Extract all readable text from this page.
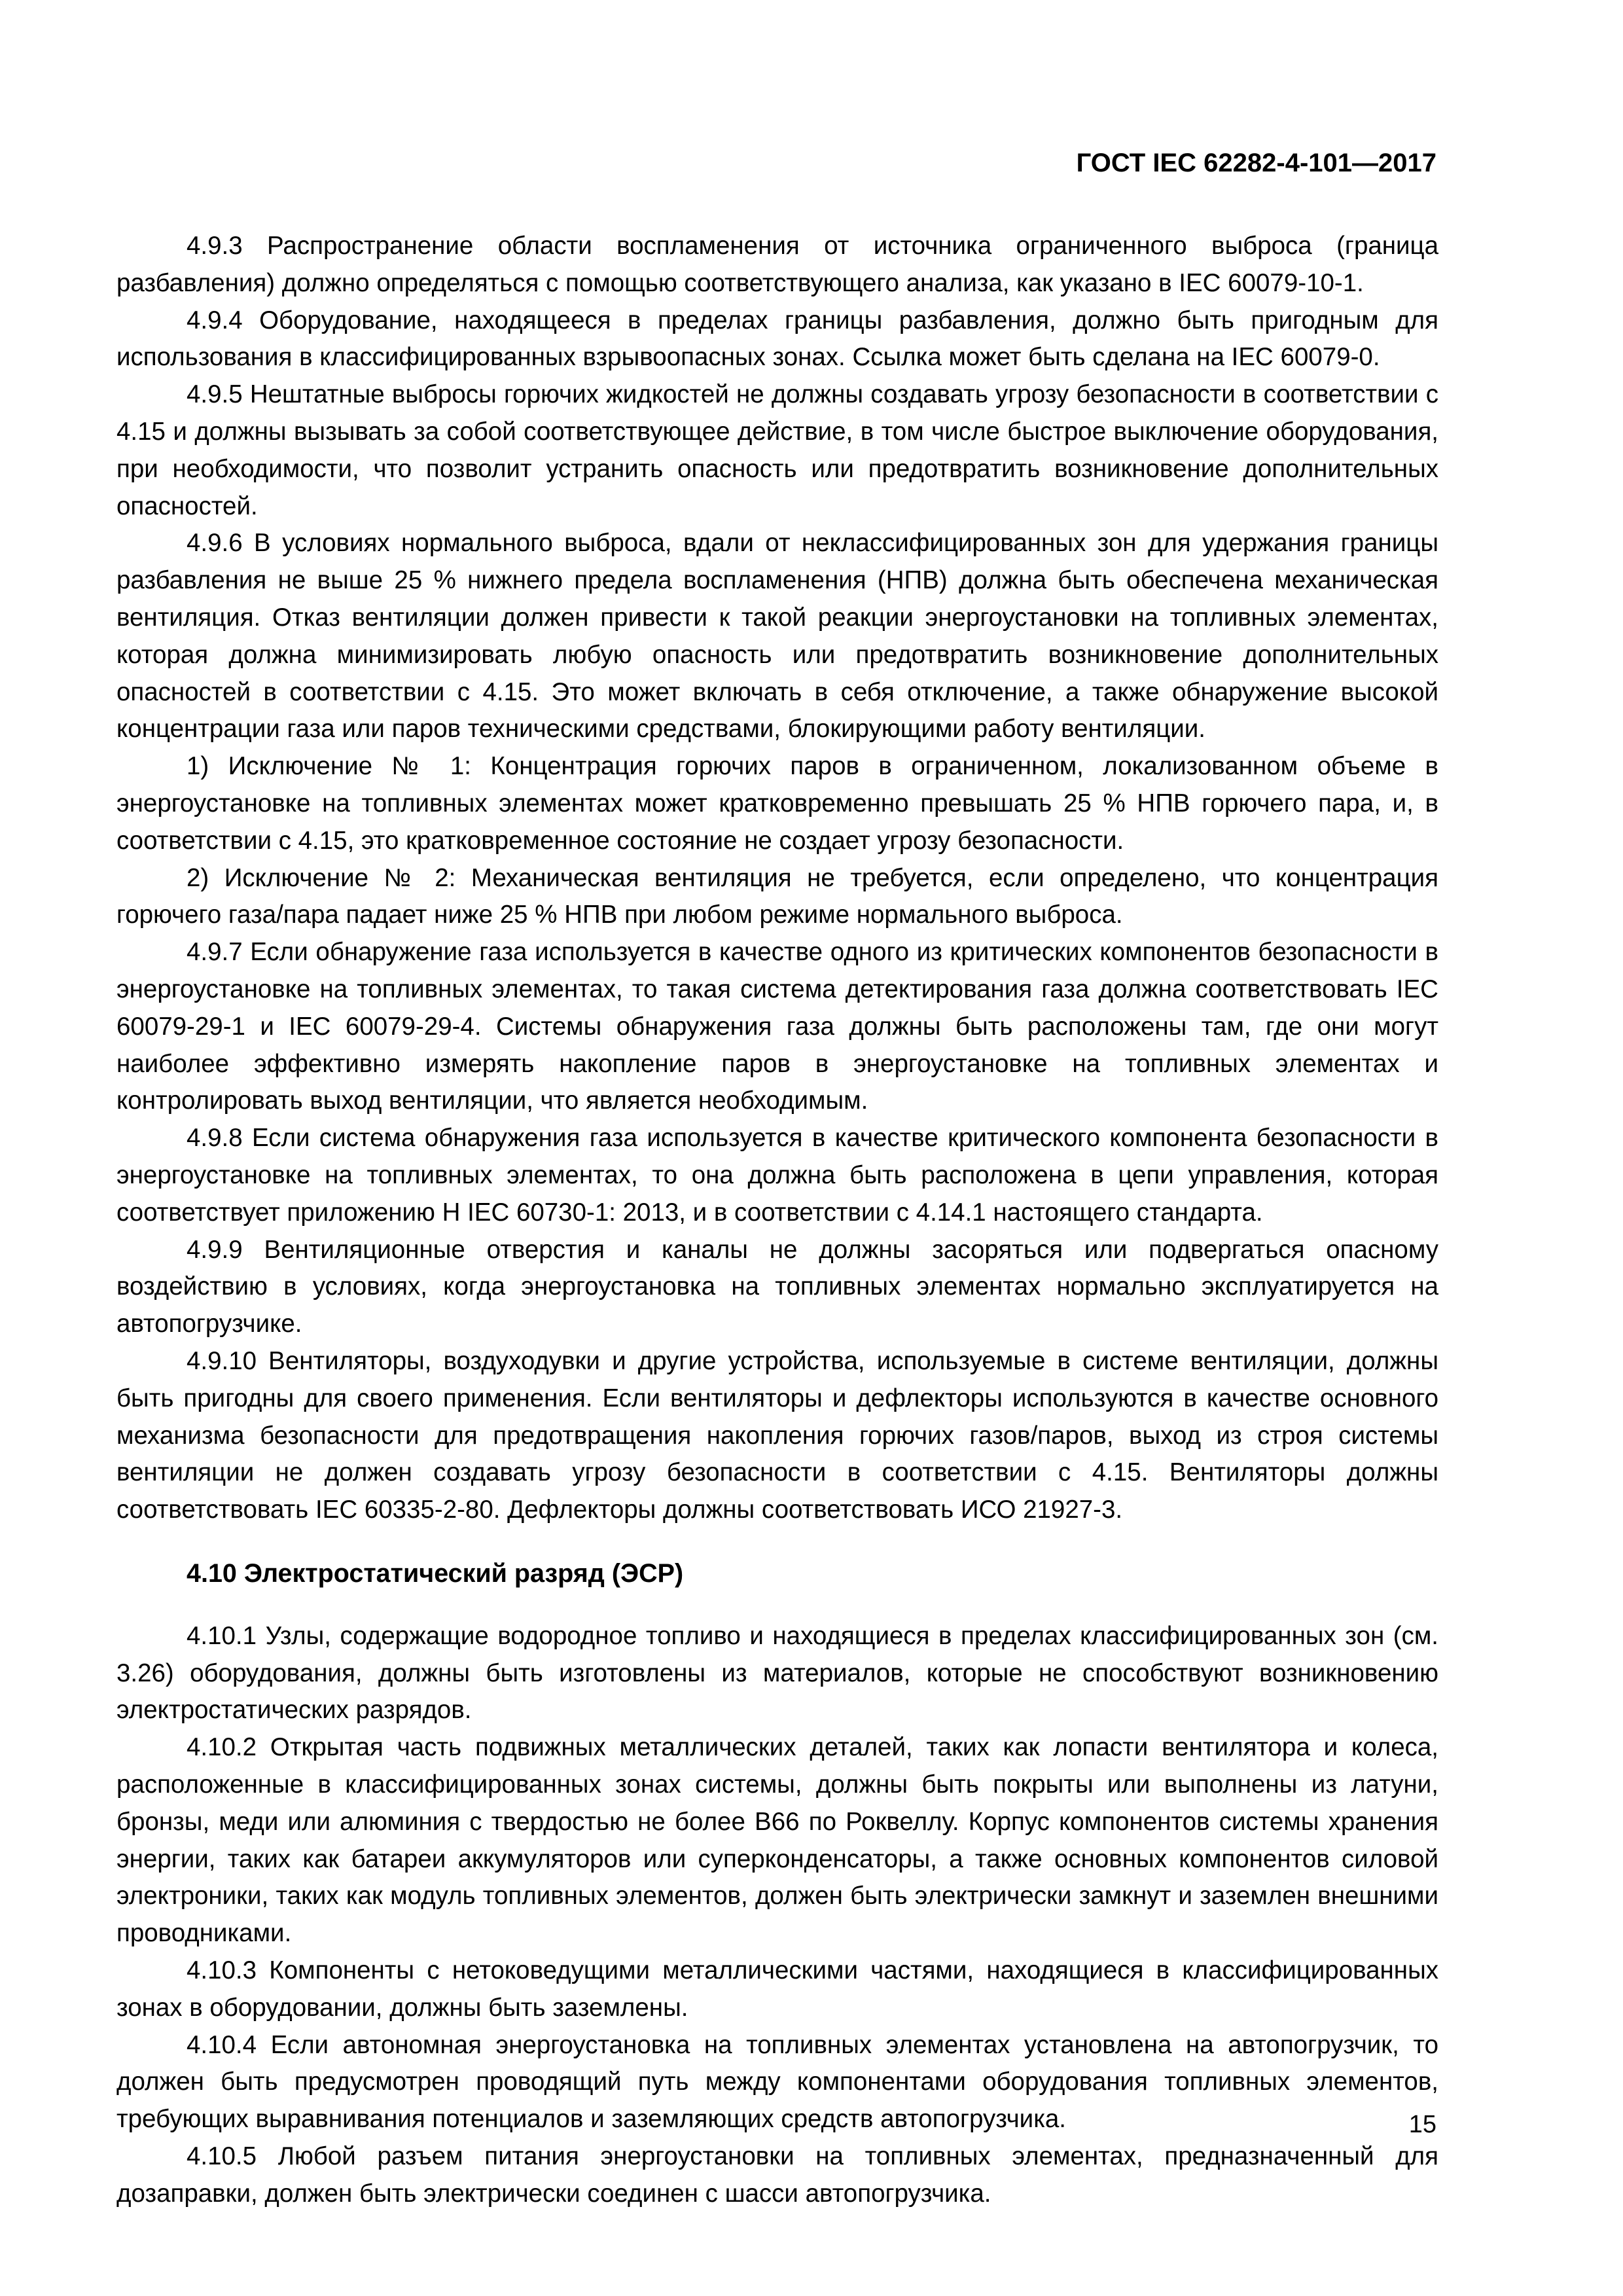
ГОСТ IEC 62282-4-101—2017

4.9.3 Распространение области воспламенения от источника ограниченного выброса (граница разбавления) должно определяться с помощью соответствующего анализа, как указано в IEC 60079-10-1.

4.9.4 Оборудование, находящееся в пределах границы разбавления, должно быть пригодным для использования в классифицированных взрывоопасных зонах. Ссылка может быть сделана на IEC 60079-0.

4.9.5 Нештатные выбросы горючих жидкостей не должны создавать угрозу безопасности в соответствии с 4.15 и должны вызывать за собой соответствующее действие, в том числе быстрое выключение оборудования, при необходимости, что позволит устранить опасность или предотвратить возникновение дополнительных опасностей.

4.9.6 В условиях нормального выброса, вдали от неклассифицированных зон для удержания границы разбавления не выше 25 % нижнего предела воспламенения (НПВ) должна быть обеспечена механическая вентиляция. Отказ вентиляции должен привести к такой реакции энергоустановки на топливных элементах, которая должна минимизировать любую опасность или предотвратить возникновение дополнительных опасностей в соответствии с 4.15. Это может включать в себя отключение, а также обнаружение высокой концентрации газа или паров техническими средствами, блокирующими работу вентиляции.

1) Исключение № 1: Концентрация горючих паров в ограниченном, локализованном объеме в энергоустановке на топливных элементах может кратковременно превышать 25 % НПВ горючего пара, и, в соответствии с 4.15, это кратковременное состояние не создает угрозу безопасности.

2) Исключение № 2: Механическая вентиляция не требуется, если определено, что концентрация горючего газа/пара падает ниже 25 % НПВ при любом режиме нормального выброса.

4.9.7 Если обнаружение газа используется в качестве одного из критических компонентов безопасности в энергоустановке на топливных элементах, то такая система детектирования газа должна соответствовать IEC 60079-29-1 и IEC 60079-29-4. Системы обнаружения газа должны быть расположены там, где они могут наиболее эффективно измерять накопление паров в энергоустановке на топливных элементах и контролировать выход вентиляции, что является необходимым.

4.9.8 Если система обнаружения газа используется в качестве критического компонента безопасности в энергоустановке на топливных элементах, то она должна быть расположена в цепи управления, которая соответствует приложению H IEC 60730-1: 2013, и в соответствии с 4.14.1 настоящего стандарта.

4.9.9 Вентиляционные отверстия и каналы не должны засоряться или подвергаться опасному воздействию в условиях, когда энергоустановка на топливных элементах нормально эксплуатируется на автопогрузчике.

4.9.10 Вентиляторы, воздуходувки и другие устройства, используемые в системе вентиляции, должны быть пригодны для своего применения. Если вентиляторы и дефлекторы используются в качестве основного механизма безопасности для предотвращения накопления горючих газов/паров, выход из строя системы вентиляции не должен создавать угрозу безопасности в соответствии с 4.15. Вентиляторы должны соответствовать IEC 60335-2-80. Дефлекторы должны соответствовать ИСО 21927-3.

4.10 Электростатический разряд (ЭСР)

4.10.1 Узлы, содержащие водородное топливо и находящиеся в пределах классифицированных зон (см. 3.26) оборудования, должны быть изготовлены из материалов, которые не способствуют возникновению электростатических разрядов.

4.10.2 Открытая часть подвижных металлических деталей, таких как лопасти вентилятора и колеса, расположенные в классифицированных зонах системы, должны быть покрыты или выполнены из латуни, бронзы, меди или алюминия с твердостью не более B66 по Роквеллу. Корпус компонентов системы хранения энергии, таких как батареи аккумуляторов или суперконденсаторы, а также основных компонентов силовой электроники, таких как модуль топливных элементов, должен быть электрически замкнут и заземлен внешними проводниками.

4.10.3 Компоненты с нетоковедущими металлическими частями, находящиеся в классифицированных зонах в оборудовании, должны быть заземлены.

4.10.4 Если автономная энергоустановка на топливных элементах установлена на автопогрузчик, то должен быть предусмотрен проводящий путь между компонентами оборудования топливных элементов, требующих выравнивания потенциалов и заземляющих средств автопогрузчика.

4.10.5 Любой разъем питания энергоустановки на топливных элементах, предназначенный для дозаправки, должен быть электрически соединен с шасси автопогрузчика.

15
